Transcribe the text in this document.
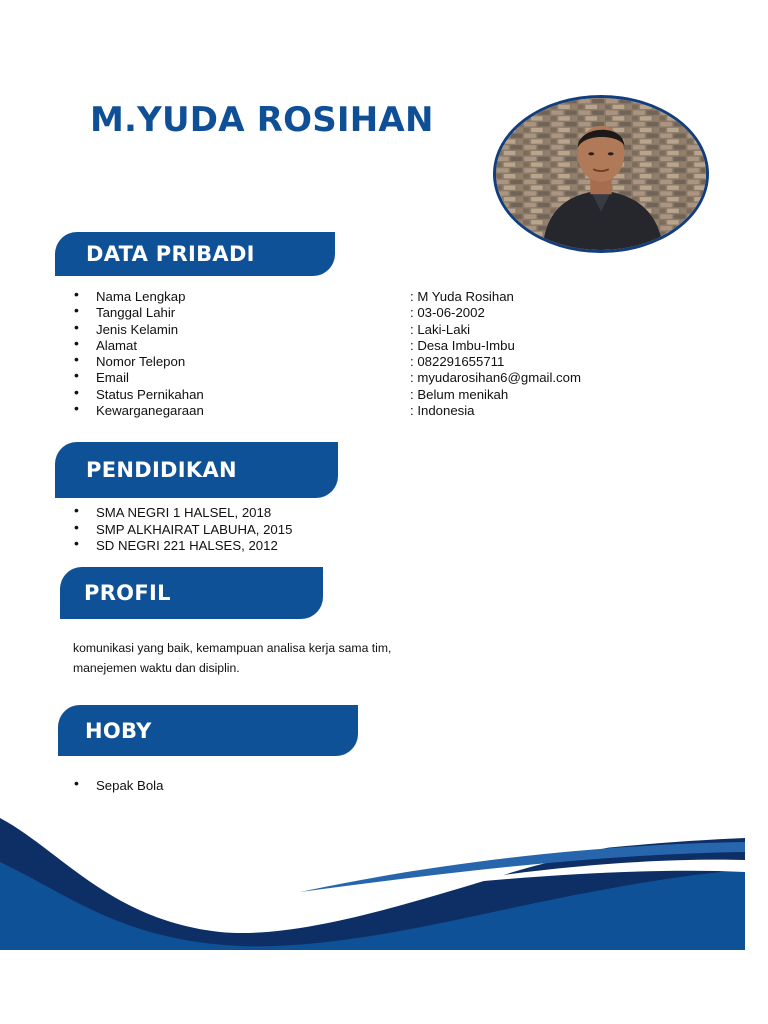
M.YUDA ROSIHAN
DATA PRIBADI
• Nama Lengkap	: M Yuda Rosihan
• Tanggal Lahir	: 03-06-2002
• Jenis Kelamin	: Laki-Laki
• Alamat	: Desa Imbu-Imbu
• Nomor Telepon	: 082291655711
• Email	: myudarosihan6@gmail.com
• Status Pernikahan	: Belum menikah
• Kewarganegaraan	: Indonesia
PENDIDIKAN
• SMA NEGRI 1 HALSEL, 2018
• SMP ALKHAIRAT LABUHA, 2015
• SD NEGRI 221 HALSES, 2012
PROFIL
komunikasi yang baik, kemampuan analisa kerja sama tim,
manejemen waktu dan disiplin.
HOBY
• Sepak Bola
